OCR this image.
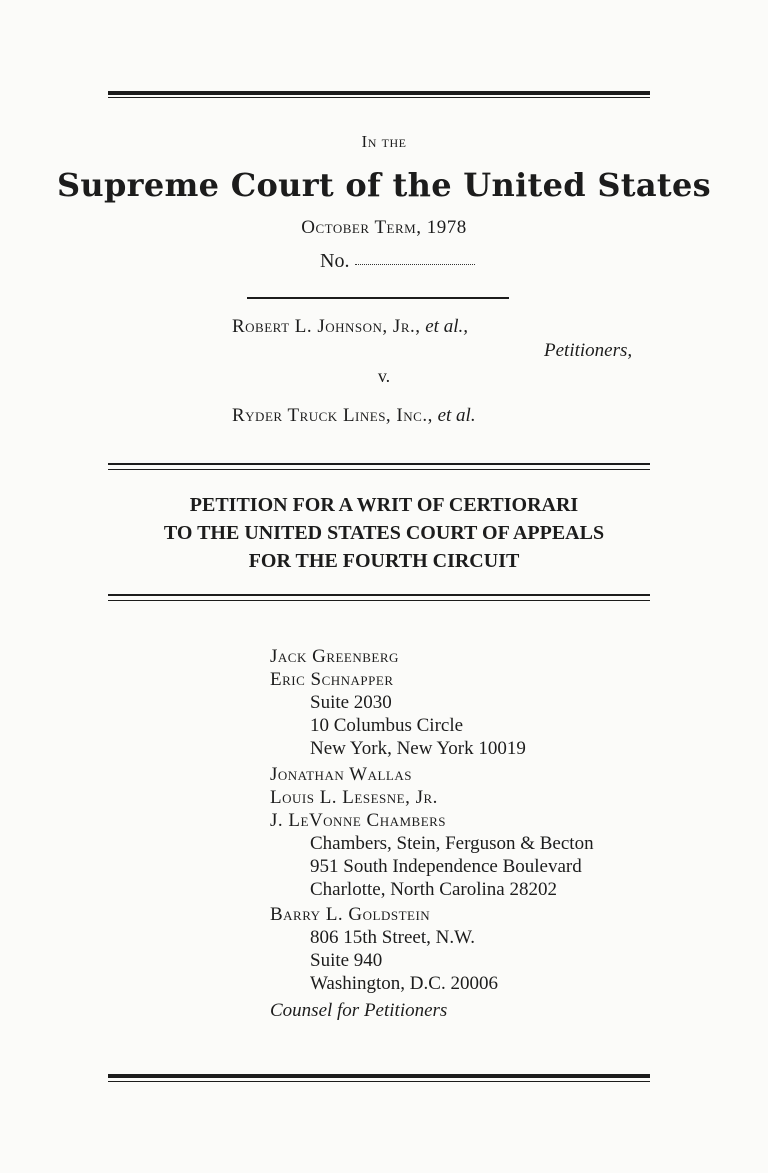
In the
Supreme Court of the United States
October Term, 1978
No.
Robert L. Johnson, Jr., et al.,
Petitioners,
v.
Ryder Truck Lines, Inc., et al.
PETITION FOR A WRIT OF CERTIORARI
TO THE UNITED STATES COURT OF APPEALS
FOR THE FOURTH CIRCUIT
Jack Greenberg
Eric Schnapper
Suite 2030
10 Columbus Circle
New York, New York 10019
Jonathan Wallas
Louis L. Lesesne, Jr.
J. LeVonne Chambers
Chambers, Stein, Ferguson & Becton
951 South Independence Boulevard
Charlotte, North Carolina 28202
Barry L. Goldstein
806 15th Street, N.W.
Suite 940
Washington, D.C. 20006
Counsel for Petitioners
